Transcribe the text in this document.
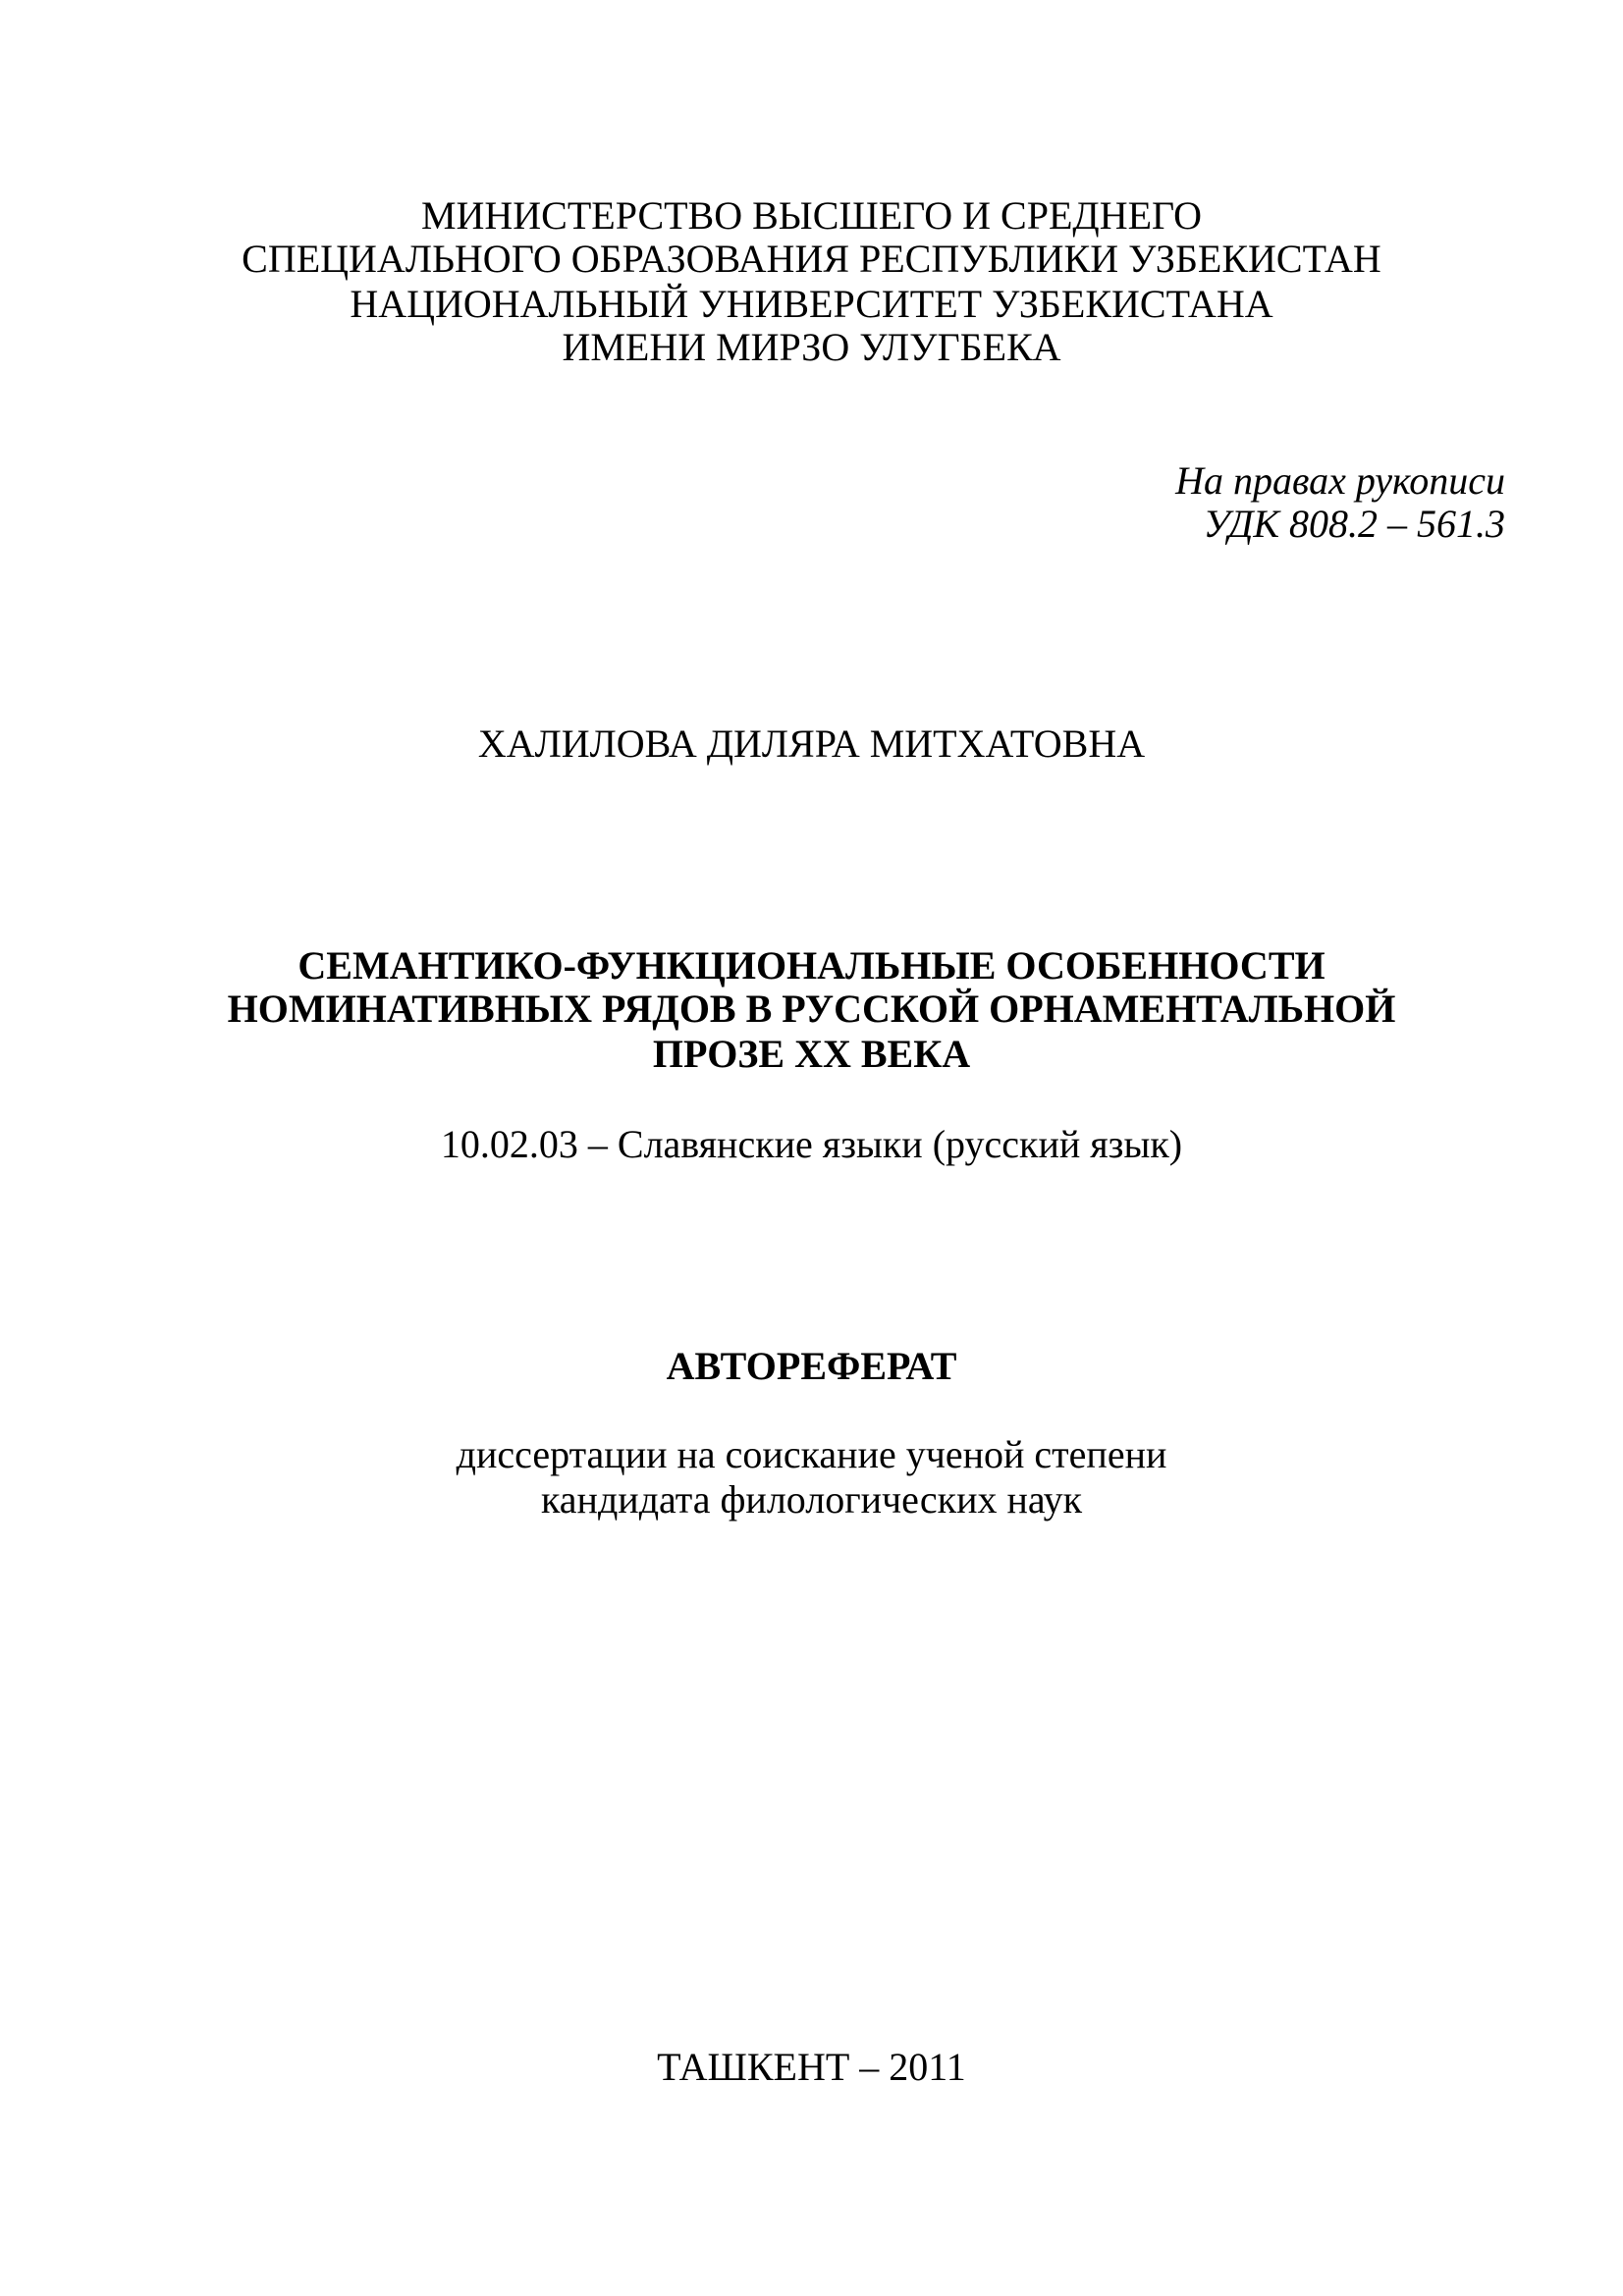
МИНИСТЕРСТВО ВЫСШЕГО И СРЕДНЕГО
СПЕЦИАЛЬНОГО ОБРАЗОВАНИЯ РЕСПУБЛИКИ УЗБЕКИСТАН
НАЦИОНАЛЬНЫЙ УНИВЕРСИТЕТ УЗБЕКИСТАНА
ИМЕНИ МИРЗО УЛУГБЕКА
На правах рукописи
УДК 808.2 – 561.3
ХАЛИЛОВА ДИЛЯРА МИТХАТОВНА
СЕМАНТИКО-ФУНКЦИОНАЛЬНЫЕ ОСОБЕННОСТИ
НОМИНАТИВНЫХ РЯДОВ В РУССКОЙ ОРНАМЕНТАЛЬНОЙ
ПРОЗЕ ХХ ВЕКА
10.02.03 – Славянские языки (русский язык)
АВТОРЕФЕРАТ
диссертации на соискание ученой степени
кандидата филологических наук
ТАШКЕНТ – 2011
